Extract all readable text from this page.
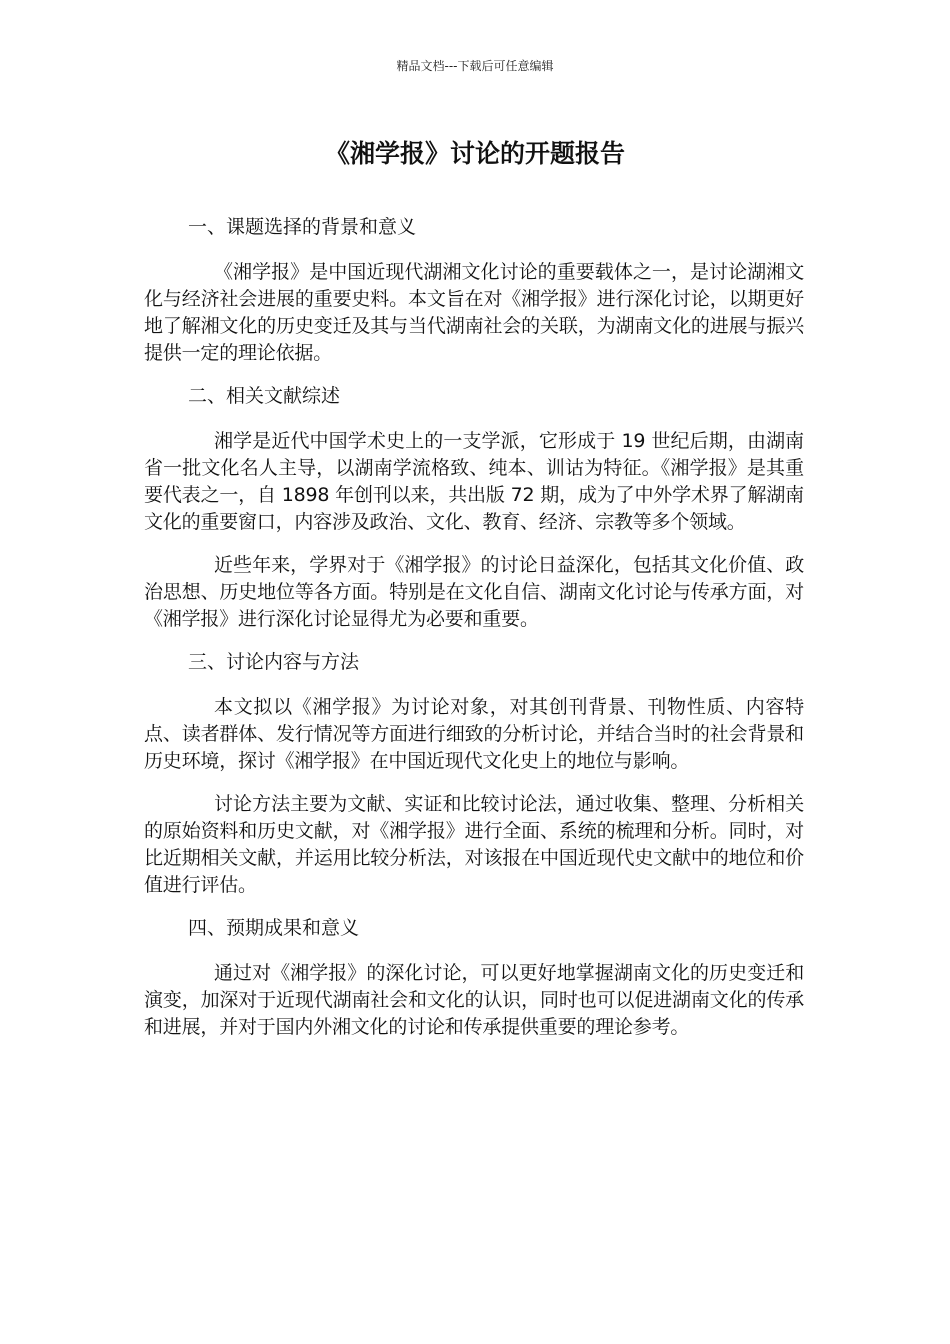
精品文档---下载后可任意编辑
《湘学报》讨论的开题报告

一、课题选择的背景和意义

《湘学报》是中国近现代湖湘文化讨论的重要载体之一，是讨论湖湘文化与经济社会进展的重要史料。本文旨在对《湘学报》进行深化讨论，以期更好地了解湘文化的历史变迁及其与当代湖南社会的关联，为湖南文化的进展与振兴提供一定的理论依据。

二、相关文献综述

湘学是近代中国学术史上的一支学派，它形成于 19 世纪后期，由湖南省一批文化名人主导，以湖南学流格致、纯本、训诂为特征。《湘学报》是其重要代表之一，自 1898 年创刊以来，共出版 72 期，成为了中外学术界了解湖南文化的重要窗口，内容涉及政治、文化、教育、经济、宗教等多个领域。

近些年来，学界对于《湘学报》的讨论日益深化，包括其文化价值、政治思想、历史地位等各方面。特别是在文化自信、湖南文化讨论与传承方面，对《湘学报》进行深化讨论显得尤为必要和重要。

三、讨论内容与方法

本文拟以《湘学报》为讨论对象，对其创刊背景、刊物性质、内容特点、读者群体、发行情况等方面进行细致的分析讨论，并结合当时的社会背景和历史环境，探讨《湘学报》在中国近现代文化史上的地位与影响。

讨论方法主要为文献、实证和比较讨论法，通过收集、整理、分析相关的原始资料和历史文献，对《湘学报》进行全面、系统的梳理和分析。同时，对比近期相关文献，并运用比较分析法，对该报在中国近现代史文献中的地位和价值进行评估。

四、预期成果和意义

通过对《湘学报》的深化讨论，可以更好地掌握湖南文化的历史变迁和演变，加深对于近现代湖南社会和文化的认识，同时也可以促进湖南文化的传承和进展，并对于国内外湘文化的讨论和传承提供重要的理论参考。
